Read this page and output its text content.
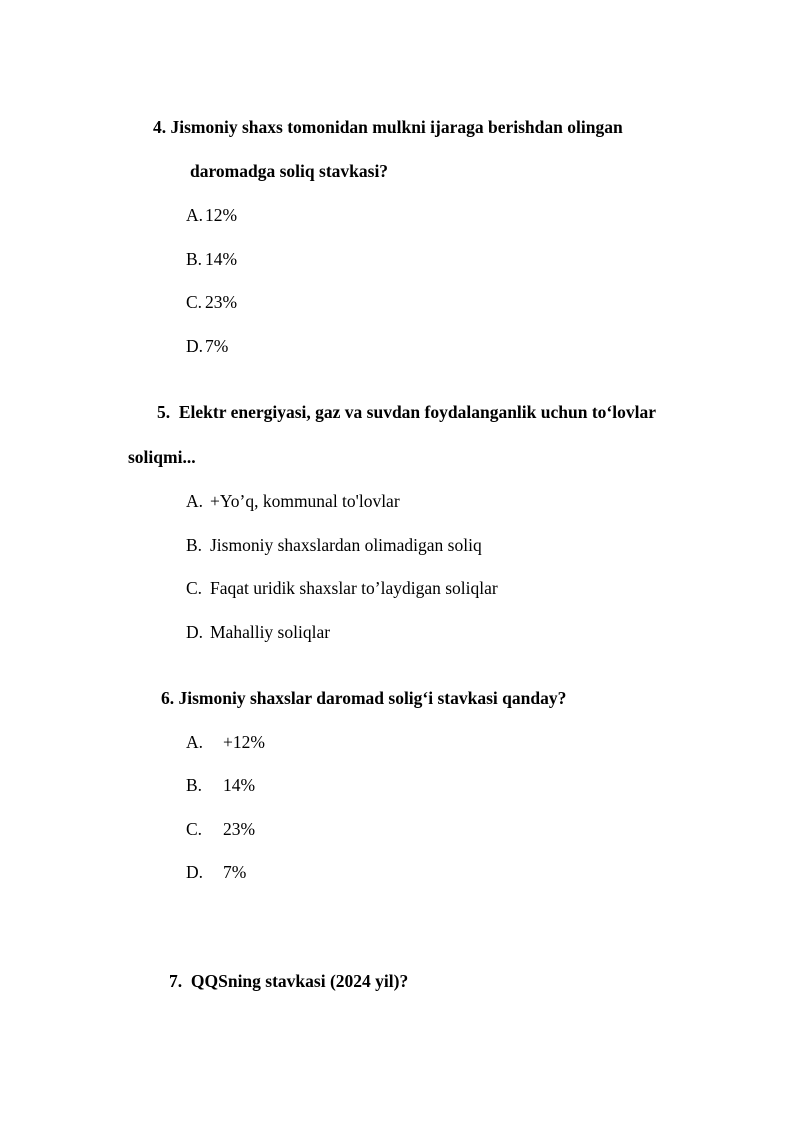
4. Jismoniy shaxs tomonidan mulkni ijaraga berishdan olingan
daromadga soliq stavkasi?
A. 12%
B. 14%
C. 23%
D. 7%
5. Elektr energiyasi, gaz va suvdan foydalanganlik uchun to‘lovlar
soliqmi...
A. +Yo’q, kommunal to'lovlar
B. Jismoniy shaxslardan olimadigan soliq
C. Faqat uridik shaxslar to’laydigan soliqlar
D. Mahalliy soliqlar
6. Jismoniy shaxslar daromad solig‘i stavkasi qanday?
A. +12%
B. 14%
C. 23%
D. 7%
7. QQSning stavkasi (2024 yil)?
